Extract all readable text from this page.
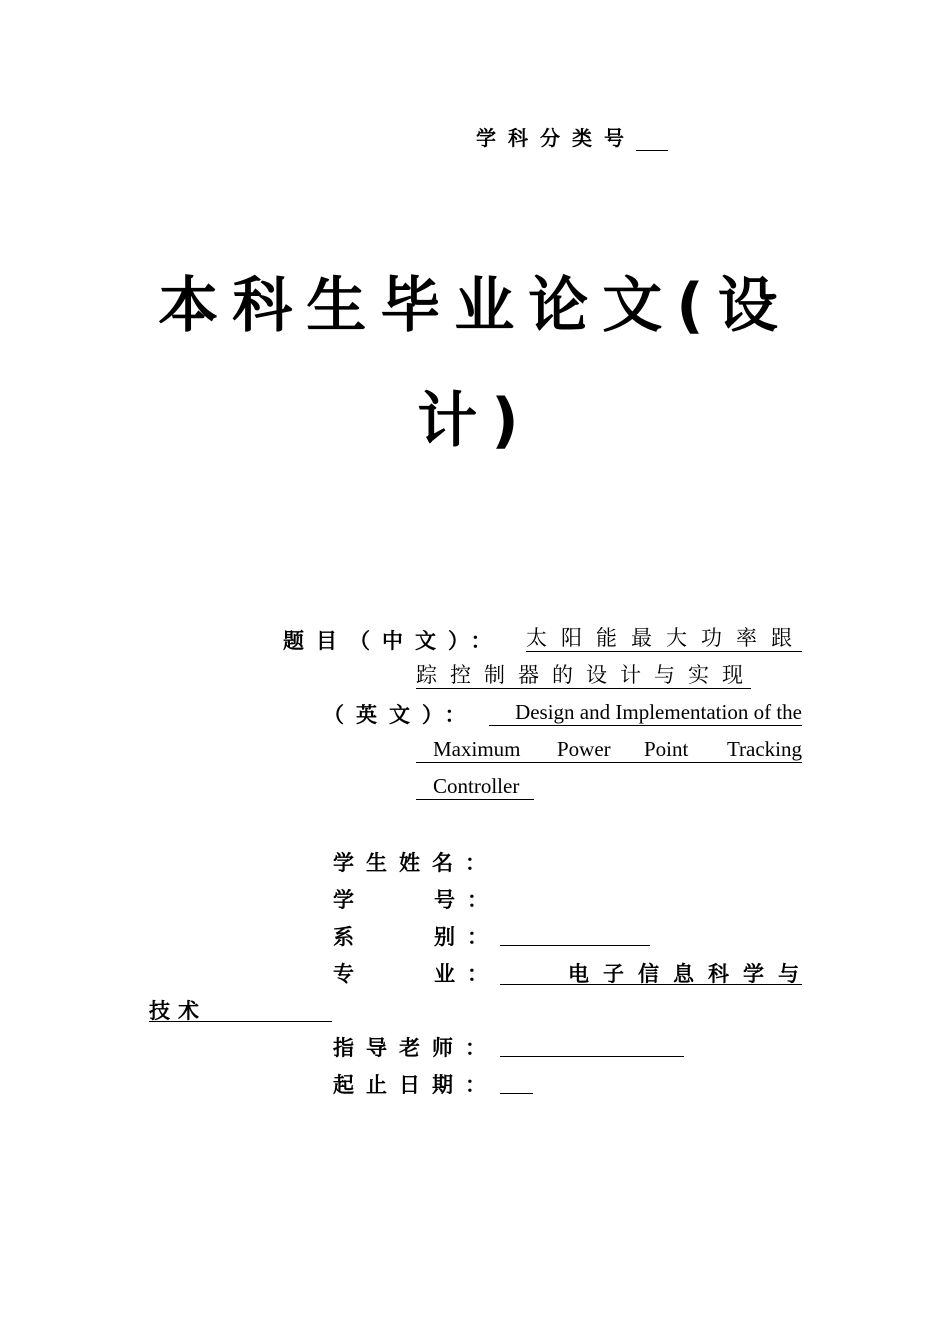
学科分类号
本科生毕业论文(设
计)
题目（中文）： 太阳能最大功率跟
踪控制器的设计与实现
（英文）：	Design and Implementation of the
Maximum Power Point Tracking
Controller
学生姓名：
学	号：
系	别：
专	业：	电子信息科学与
技术
指导老师：
起止日期：
